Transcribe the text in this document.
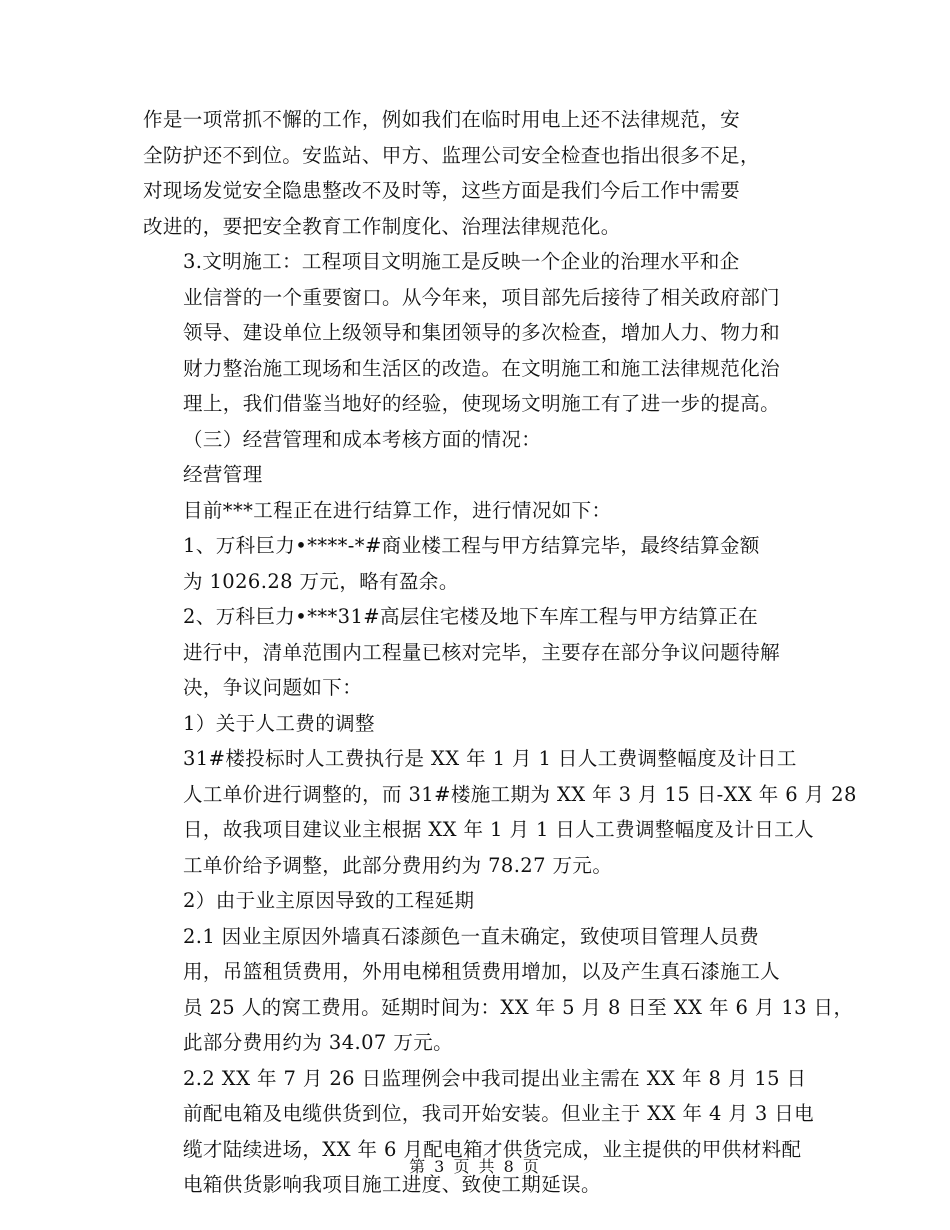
作是一项常抓不懈的工作，例如我们在临时用电上还不法律规范，安
全防护还不到位。安监站、甲方、监理公司安全检查也指出很多不足，
对现场发觉安全隐患整改不及时等，这些方面是我们今后工作中需要
改进的，要把安全教育工作制度化、治理法律规范化。

3.文明施工：工程项目文明施工是反映一个企业的治理水平和企
业信誉的一个重要窗口。从今年来，项目部先后接待了相关政府部门
领导、建设单位上级领导和集团领导的多次检查，增加人力、物力和
财力整治施工现场和生活区的改造。在文明施工和施工法律规范化治
理上，我们借鉴当地好的经验，使现场文明施工有了进一步的提高。

（三）经营管理和成本考核方面的情况：

经营管理

目前***工程正在进行结算工作，进行情况如下：

1、万科巨力•****-*#商业楼工程与甲方结算完毕，最终结算金额
为 1026.28 万元，略有盈余。

2、万科巨力•***31#高层住宅楼及地下车库工程与甲方结算正在
进行中，清单范围内工程量已核对完毕，主要存在部分争议问题待解
决，争议问题如下：

1）关于人工费的调整

31#楼投标时人工费执行是 XX 年 1 月 1 日人工费调整幅度及计日工
人工单价进行调整的，而 31#楼施工期为 XX 年 3 月 15 日-XX 年 6 月 28
日，故我项目建议业主根据 XX 年 1 月 1 日人工费调整幅度及计日工人
工单价给予调整，此部分费用约为 78.27 万元。

2）由于业主原因导致的工程延期

2.1 因业主原因外墙真石漆颜色一直未确定，致使项目管理人员费
用，吊篮租赁费用，外用电梯租赁费用增加，以及产生真石漆施工人
员 25 人的窝工费用。延期时间为：XX 年 5 月 8 日至 XX 年 6 月 13 日，
此部分费用约为 34.07 万元。

2.2 XX 年 7 月 26 日监理例会中我司提出业主需在 XX 年 8 月 15 日
前配电箱及电缆供货到位，我司开始安装。但业主于 XX 年 4 月 3 日电
缆才陆续进场，XX 年 6 月配电箱才供货完成，业主提供的甲供材料配
电箱供货影响我项目施工进度、致使工期延误。

第 3 页 共 8 页
